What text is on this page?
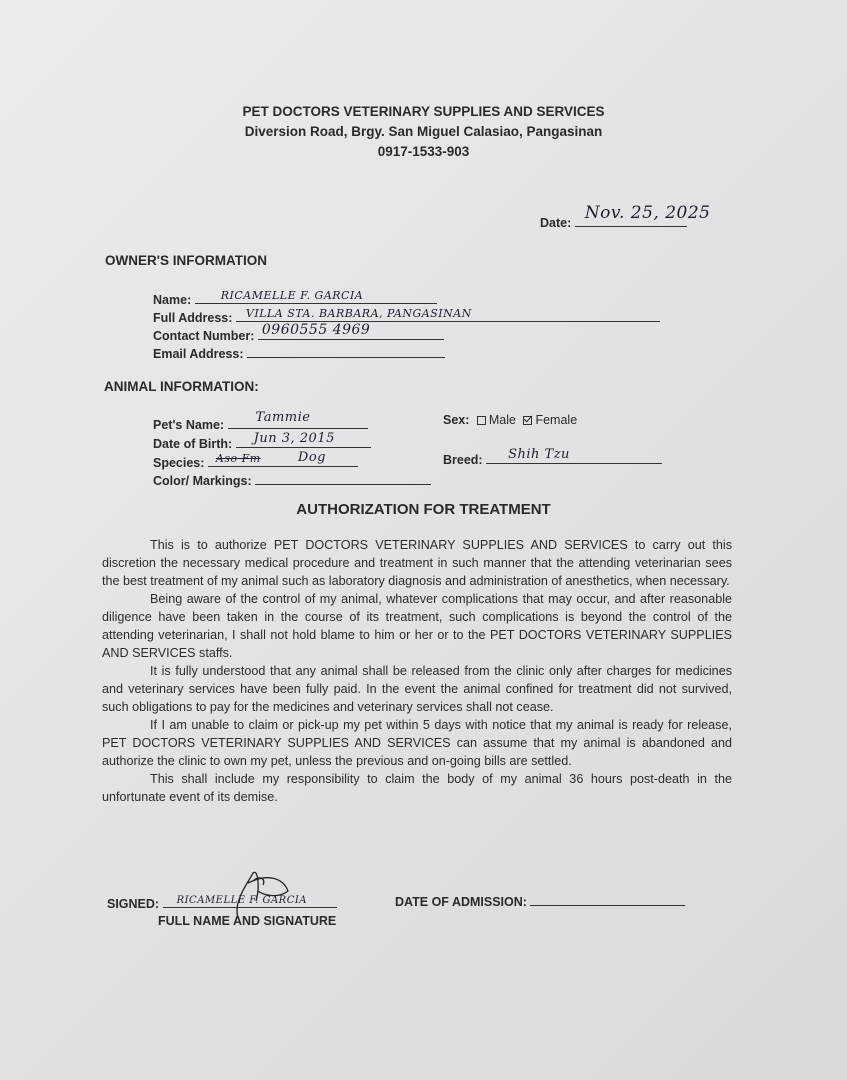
PET DOCTORS VETERINARY SUPPLIES AND SERVICES
Diversion Road, Brgy. San Miguel Calasiao, Pangasinan
0917-1533-903
Date: Nov. 25, 2025
OWNER'S INFORMATION
Name:	RICAMELLE F. GARCIA
Full Address: VILLA STA. BARBARA, PANGASINAN
Contact Number: 0960555 4969
Email Address:
ANIMAL INFORMATION:
Pet's Name: Tammie
Date of Birth: Jun 3, 2015
Species: Aso Fm	Dog
Color/ Markings:
Sex: Male Female
Breed: Shih Tzu
AUTHORIZATION FOR TREATMENT

This is to authorize PET DOCTORS VETERINARY SUPPLIES AND SERVICES to carry out this discretion the necessary medical procedure and treatment in such manner that the attending veterinarian sees the best treatment of my animal such as laboratory diagnosis and administration of anesthetics, when necessary.

Being aware of the control of my animal, whatever complications that may occur, and after reasonable diligence have been taken in the course of its treatment, such complications is beyond the control of the attending veterinarian, I shall not hold blame to him or her or to the PET DOCTORS VETERINARY SUPPLIES AND SERVICES staffs.

It is fully understood that any animal shall be released from the clinic only after charges for medicines and veterinary services have been fully paid. In the event the animal confined for treatment did not survived, such obligations to pay for the medicines and veterinary services shall not cease.

If I am unable to claim or pick-up my pet within 5 days with notice that my animal is ready for release, PET DOCTORS VETERINARY SUPPLIES AND SERVICES can assume that my animal is abandoned and authorize the clinic to own my pet, unless the previous and on-going bills are settled.

This shall include my responsibility to claim the body of my animal 36 hours post-death in the unfortunate event of its demise.

SIGNED: RICAMELLE F. GARCIA
FULL NAME AND SIGNATURE
DATE OF ADMISSION:
